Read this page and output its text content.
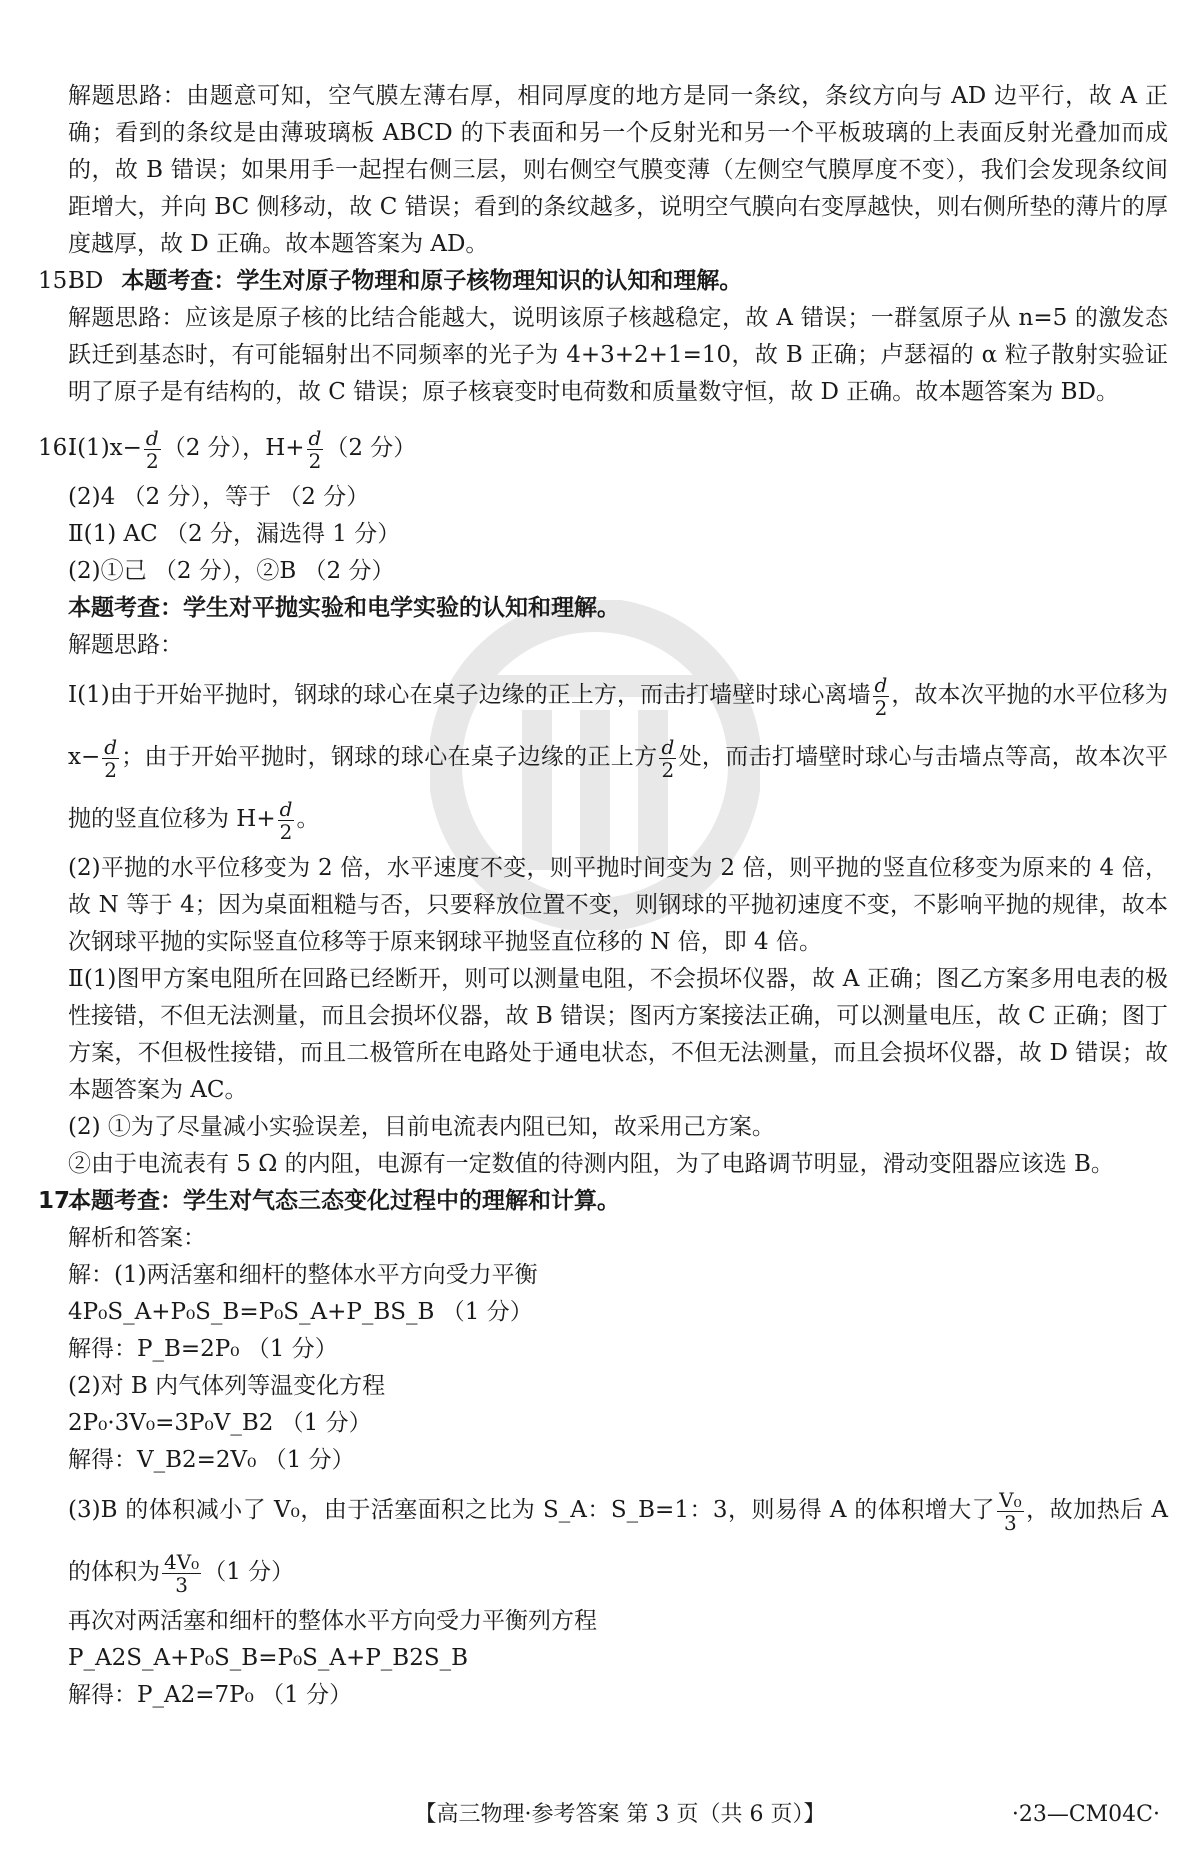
解题思路：由题意可知，空气膜左薄右厚，相同厚度的地方是同一条纹，条纹方向与 AD 边平行，故 A 正确；看到的条纹是由薄玻璃板 ABCD 的下表面和另一个反射光和另一个平板玻璃的上表面反射光叠加而成的，故 B 错误；如果用手一起捏右侧三层，则右侧空气膜变薄（左侧空气膜厚度不变），我们会发现条纹间距增大，并向 BC 侧移动，故 C 错误；看到的条纹越多，说明空气膜向右变厚越快，则右侧所垫的薄片的厚度越厚，故 D 正确。故本题答案为 AD。

15.BD 本题考查：学生对原子物理和原子核物理知识的认知和理解。

解题思路：应该是原子核的比结合能越大，说明该原子核越稳定，故 A 错误；一群氢原子从 n=5 的激发态跃迁到基态时，有可能辐射出不同频率的光子为 4+3+2+1=10，故 B 正确；卢瑟福的 α 粒子散射实验证明了原子是有结构的，故 C 错误；原子核衰变时电荷数和质量数守恒，故 D 正确。故本题答案为 BD。

16.Ⅰ(1)x− $\frac{d}{2} (2$ 分），$H+ \frac{d}{2} (2$ 分）

(2)4 （2 分），等于 （2 分）

Ⅱ(1) AC （2 分，漏选得 1 分）

(2)①己 （2 分），②B （2 分）

本题考查：学生对平抛实验和电学实验的认知和理解。

解题思路：

Ⅰ(1)由于开始平抛时，钢球的球心在桌子边缘的正上方，而击打墙壁时球心离墙 $\frac{d}{2}$ ，故本次平抛的水平位移为 $x- \frac{d}{2}$ ；由于开始平抛时，钢球的球心在桌子边缘的正上方 $\frac{d}{2}$ 处，而击打墙壁时球心与击墙点等高，故本次平抛的竖直位移为 $H+ \frac{d}{2}$ 。

(2)平抛的水平位移变为 2 倍，水平速度不变，则平抛时间变为 2 倍，则平抛的竖直位移变为原来的 4 倍，故 N 等于 4；因为桌面粗糙与否，只要释放位置不变，则钢球的平抛初速度不变，不影响平抛的规律，故本次钢球平抛的实际竖直位移等于原来钢球平抛竖直位移的 N 倍，即 4 倍。

Ⅱ(1)图甲方案电阻所在回路已经断开，则可以测量电阻，不会损坏仪器，故 A 正确；图乙方案多用电表的极性接错，不但无法测量，而且会损坏仪器，故 B 错误；图丙方案接法正确，可以测量电压，故 C 正确；图丁方案，不但极性接错，而且二极管所在电路处于通电状态，不但无法测量，而且会损坏仪器，故 D 错误；故本题答案为 AC。

(2) ①为了尽量减小实验误差，目前电流表内阻已知，故采用己方案。

②由于电流表有 5 Ω 的内阻，电源有一定数值的待测内阻，为了电路调节明显，滑动变阻器应该选 B。

17.本题考查：学生对气态三态变化过程中的理解和计算。

解析和答案：

解：(1)两活塞和细杆的整体水平方向受力平衡

4P₀S_A+P₀S_B=P₀S_A+P_BS_B （1 分）

解得：P_B=2P₀ （1 分）

(2)对 B 内气体列等温变化方程

2P₀·3V₀=3P₀V_B2 （1 分）

解得：V_B2=2V₀ （1 分）

(3)B 的体积减小了 V₀，由于活塞面积之比为 S_A：S_B=1：3，则易得 A 的体积增大了 $\frac{\text{V₀}}{3}$ ，故加热后 A 的体积为 $\frac{\text{4V₀}}{3} (1$ 分）

再次对两活塞和细杆的整体水平方向受力平衡列方程

P_A2S_A+P₀S_B=P₀S_A+P_B2S_B

解得：P_A2=7P₀ （1 分）

【高三物理·参考答案 第 3 页（共 6 页）】	·23—CM04C·
